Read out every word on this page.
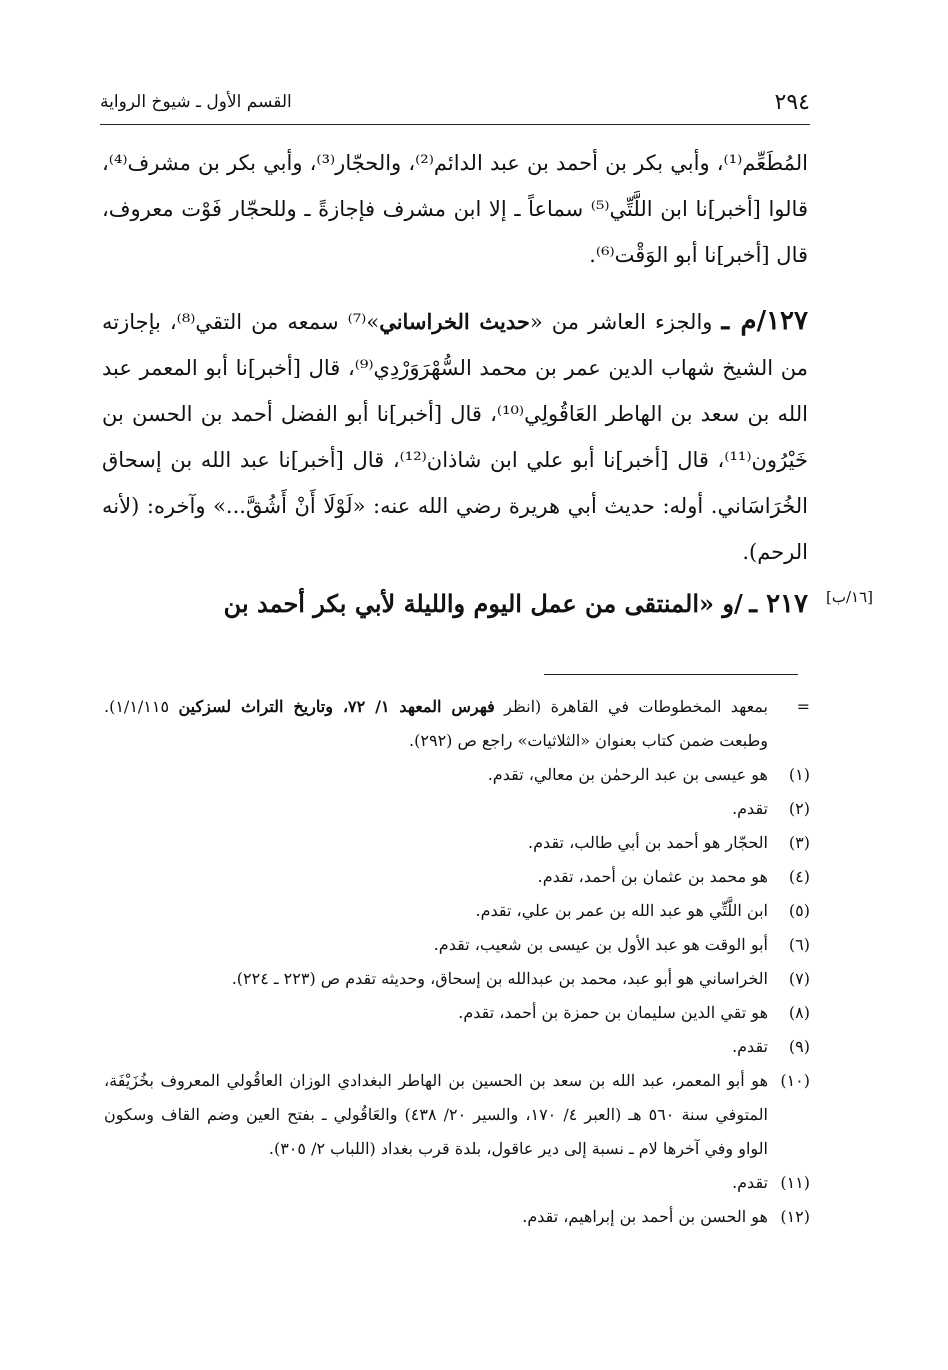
٢٩٤
القسم الأول ـ شيوخ الرواية
[١٦/ب]

المُطَعِّم⁽¹⁾، وأبي بكر بن أحمد بن عبد الدائم⁽²⁾، والحجّار⁽³⁾، وأبي بكر بن مشرف⁽⁴⁾، قالوا [أخبر]نا ابن اللَّتِّي⁽⁵⁾ سماعاً ـ إلا ابن مشرف فإجازةً ـ وللحجّار فَوْت معروف، قال [أخبر]نا أبو الوَقْت⁽⁶⁾.

١٢٧/م ـ والجزء العاشر من «حديث الخراساني»⁽⁷⁾ سمعه من التقي⁽⁸⁾، بإجازته من الشيخ شهاب الدين عمر بن محمد السُّهْرَوَرْدِي⁽⁹⁾، قال [أخبر]نا أبو المعمر عبد الله بن سعد بن الهاطر العَاقُولِي⁽¹⁰⁾، قال [أخبر]نا أبو الفضل أحمد بن الحسن بن خَيْرُون⁽¹¹⁾، قال [أخبر]نا أبو علي ابن شاذان⁽¹²⁾، قال [أخبر]نا عبد الله بن إسحاق الخُرَاسَاني. أوله: حديث أبي هريرة رضي الله عنه: «لَوْلَا أَنْ أَشُقَّ...» وآخره: (لأنه الرحم).

٢١٧ ـ /و «المنتقى من عمل اليوم والليلة لأبي بكر أحمد بن

=
بمعهد المخطوطات في القاهرة (انظر فهرس المعهد ١/ ٧٢، وتاريخ التراث لسزكين ١/١/١١٥). وطبعت ضمن كتاب بعنوان «الثلاثيات» راجع ص (٢٩٢).
(١)
هو عيسى بن عبد الرحمٰن بن معالي، تقدم.
(٢)
تقدم.
(٣)
الحجّار هو أحمد بن أبي طالب، تقدم.
(٤)
هو محمد بن عثمان بن أحمد، تقدم.
(٥)
ابن اللَّتِّي هو عبد الله بن عمر بن علي، تقدم.
(٦)
أبو الوقت هو عبد الأول بن عيسى بن شعيب، تقدم.
(٧)
الخراساني هو أبو عبد، محمد بن عبدالله بن إسحاق، وحديثه تقدم ص (٢٢٣ ـ ٢٢٤).
(٨)
هو تقي الدين سليمان بن حمزة بن أحمد، تقدم.
(٩)
تقدم.
(١٠)
هو أبو المعمر، عبد الله بن سعد بن الحسين بن الهاطر البغدادي الوزان العاقُولي المعروف بخُزَيْفَة، المتوفي سنة ٥٦٠ هـ (العبر ٤/ ١٧٠، والسير ٢٠/ ٤٣٨) والعَاقُولي ـ بفتح العين وضم القاف وسكون الواو وفي آخرها لام ـ نسبة إلى دير عاقول، بلدة قرب بغداد (اللباب ٢/ ٣٠٥).
(١١)
تقدم.
(١٢)
هو الحسن بن أحمد بن إبراهيم، تقدم.
